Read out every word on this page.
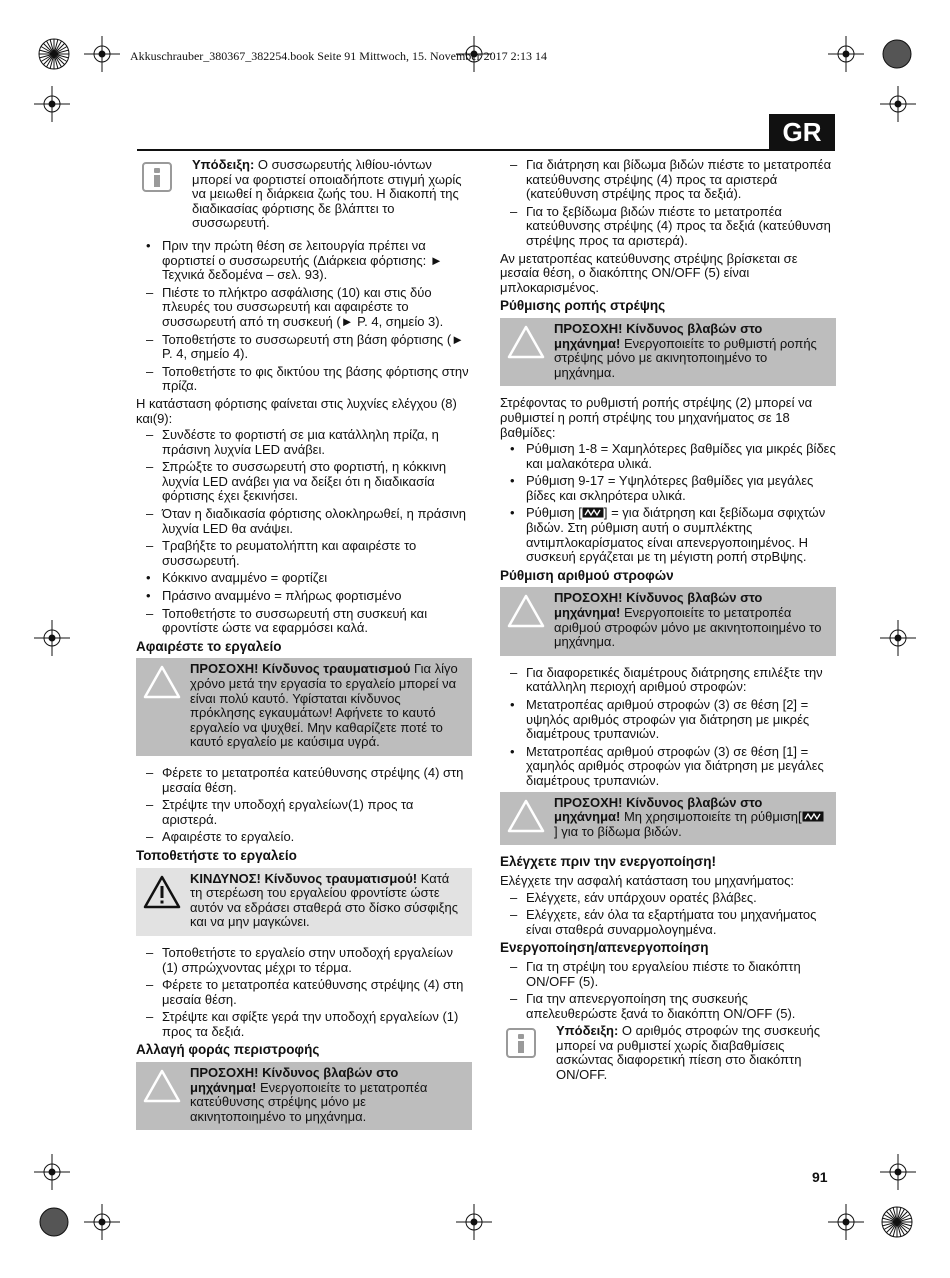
Akkuschrauber_380367_382254.book Seite 91 Mittwoch, 15. November 2017 2:13 14
GR
Υπόδειξη: Ο συσσωρευτής λιθίου-ιόντων μπορεί να φορτιστεί οποιαδήποτε στιγμή χωρίς να μειωθεί η διάρκεια ζωής του. Η διακοπή της διαδικασίας φόρτισης δε βλάπτει το συσσωρευτή.
• Πριν την πρώτη θέση σε λειτουργία πρέπει να φορτιστεί ο συσσωρευτής (Διάρκεια φόρτισης: ► Τεχνικά δεδομένα – σελ. 93).
– Πιέστε το πλήκτρο ασφάλισης (10) και στις δύο πλευρές του συσσωρευτή και αφαιρέστε το συσσωρευτή από τη συσκευή (► P. 4, σημείο 3).
– Τοποθετήστε το συσσωρευτή στη βάση φόρτισης (► P. 4, σημείο 4).
– Τοποθετήστε το φις δικτύου της βάσης φόρτισης στην πρίζα.

Η κατάσταση φόρτισης φαίνεται στις λυχνίες ελέγχου (8) και(9):

– Συνδέστε το φορτιστή σε μια κατάλληλη πρίζα, η πράσινη λυχνία LED ανάβει.
– Σπρώξτε το συσσωρευτή στο φορτιστή, η κόκκινη λυχνία LED ανάβει για να δείξει ότι η διαδικασία φόρτισης έχει ξεκινήσει.
– Όταν η διαδικασία φόρτισης ολοκληρωθεί, η πράσινη λυχνία LED θα ανάψει.
– Τραβήξτε το ρευματολήπτη και αφαιρέστε το συσσωρευτή.
• Κόκκινο αναμμένο = φορτίζει
• Πράσινο αναμμένο = πλήρως φορτισμένο
– Τοποθετήστε το συσσωρευτή στη συσκευή και φροντίστε ώστε να εφαρμόσει καλά.
Αφαιρέστε το εργαλείο
ΠΡΟΣΟΧΗ! Κίνδυνος τραυματισμού Για λίγο χρόνο μετά την εργασία το εργαλείο μπορεί να είναι πολύ καυτό. Υφίσταται κίνδυνος πρόκλησης εγκαυμάτων! Αφήνετε το καυτό εργαλείο να ψυχθεί. Μην καθαρίζετε ποτέ το καυτό εργαλείο με καύσιμα υγρά.
– Φέρετε το μετατροπέα κατεύθυνσης στρέψης (4) στη μεσαία θέση.
– Στρέψτε την υποδοχή εργαλείων(1) προς τα αριστερά.
– Αφαιρέστε το εργαλείο.
Τοποθετήστε το εργαλείο
ΚΙΝΔΥΝΟΣ! Κίνδυνος τραυματισμού! Κατά τη στερέωση του εργαλείου φροντίστε ώστε αυτόν να εδράσει σταθερά στο δίσκο σύσφιξης και να μην μαγκώνει.
– Τοποθετήστε το εργαλείο στην υποδοχή εργαλείων (1) σπρώχνοντας μέχρι το τέρμα.
– Φέρετε το μετατροπέα κατεύθυνσης στρέψης (4) στη μεσαία θέση.
– Στρέψτε και σφίξτε γερά την υποδοχή εργαλείων (1) προς τα δεξιά.
Αλλαγή φοράς περιστροφής
ΠΡΟΣΟΧΗ! Κίνδυνος βλαβών στο μηχάνημα! Ενεργοποιείτε το μετατροπέα κατεύθυνσης στρέψης μόνο με ακινητοποιημένο το μηχάνημα.
– Για διάτρηση και βίδωμα βιδών πιέστε το μετατροπέα κατεύθυνσης στρέψης (4) προς τα αριστερά (κατεύθυνση στρέψης προς τα δεξιά).
– Για το ξεβίδωμα βιδών πιέστε το μετατροπέα κατεύθυνσης στρέψης (4) προς τα δεξιά (κατεύθυνση στρέψης προς τα αριστερά).

Αν μετατροπέας κατεύθυνσης στρέψης βρίσκεται σε μεσαία θέση, ο διακόπτης ON/OFF (5) είναι μπλοκαρισμένος.

Ρύθμισης ροπής στρέψης
ΠΡΟΣΟΧΗ! Κίνδυνος βλαβών στο μηχάνημα! Ενεργοποιείτε το ρυθμιστή ροπής στρέψης μόνο με ακινητοποιημένο το μηχάνημα.

Στρέφοντας το ρυθμιστή ροπής στρέψης (2) μπορεί να ρυθμιστεί η ροπή στρέψης του μηχανήματος σε 18 βαθμίδες:

• Ρύθμιση 1-8 = Χαμηλότερες βαθμίδες για μικρές βίδες και μαλακότερα υλικά.
• Ρύθμιση 9-17 = Υψηλότερες βαθμίδες για μεγάλες βίδες και σκληρότερα υλικά.
• Ρύθμιση [ ] = για διάτρηση και ξεβίδωμα σφιχτών βιδών. Στη ρύθμιση αυτή ο συμπλέκτης αντιμπλοκαρίσματος είναι απενεργοποιημένος. Η συσκευή εργάζεται με τη μέγιστη ροπή στρΒψης.
Ρύθμιση αριθμού στροφών
ΠΡΟΣΟΧΗ! Κίνδυνος βλαβών στο μηχάνημα! Ενεργοποιείτε το μετατροπέα αριθμού στροφών μόνο με ακινητοποιημένο το μηχάνημα.
– Για διαφορετικές διαμέτρους διάτρησης επιλέξτε την κατάλληλη περιοχή αριθμού στροφών:
• Μετατροπέας αριθμού στροφών (3) σε θέση [2] = υψηλός αριθμός στροφών για διάτρηση με μικρές διαμέτρους τρυπανιών.
• Μετατροπέας αριθμού στροφών (3) σε θέση [1] = χαμηλός αριθμός στροφών για διάτρηση με μεγάλες διαμέτρους τρυπανιών.
ΠΡΟΣΟΧΗ! Κίνδυνος βλαβών στο μηχάνημα! Μη χρησιμοποιείτε τη ρύθμιση[] για το βίδωμα βιδών.
Ελέγχετε πριν την ενεργοποίηση!

Ελέγχετε την ασφαλή κατάσταση του μηχανήματος:

– Ελέγχετε, εάν υπάρχουν ορατές βλάβες.
– Ελέγχετε, εάν όλα τα εξαρτήματα του μηχανήματος είναι σταθερά συναρμολογημένα.
Ενεργοποίηση/απενεργοποίηση
– Για τη στρέψη του εργαλείου πιέστε το διακόπτη ON/OFF (5).
– Για την απενεργοποίηση της συσκευής απελευθερώστε ξανά το διακόπτη ON/OFF (5).
Υπόδειξη: Ο αριθμός στροφών της συσκευής μπορεί να ρυθμιστεί χωρίς διαβαθμίσεις ασκώντας διαφορετική πίεση στο διακόπτη ON/OFF.
91
